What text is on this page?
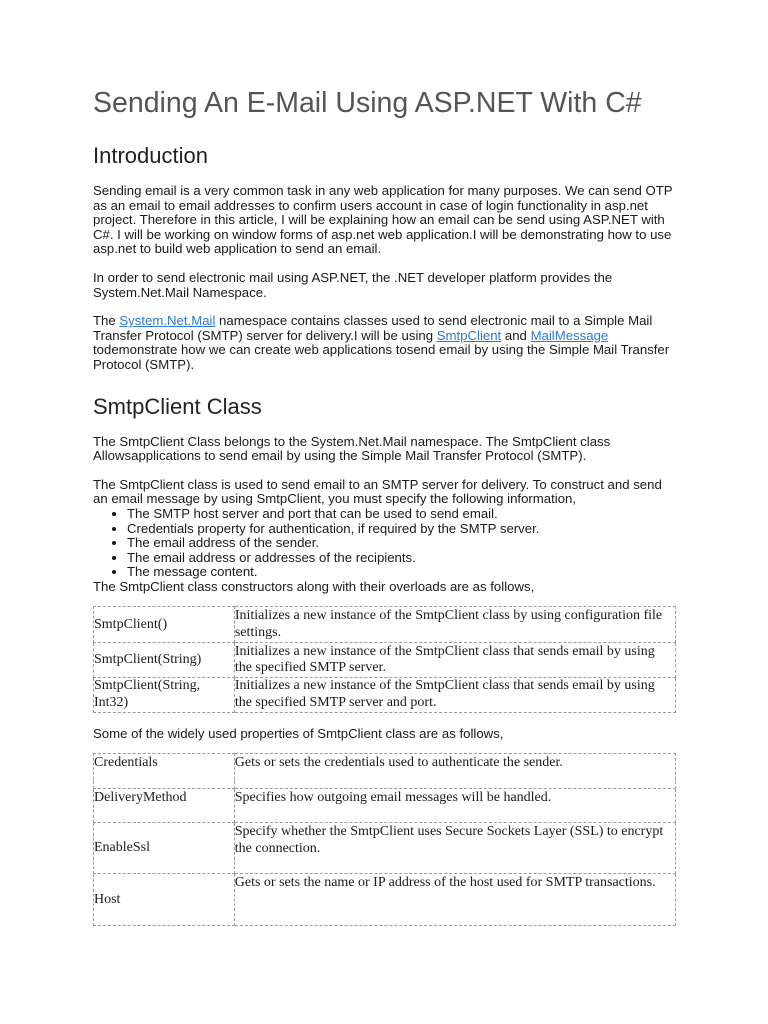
Sending An E-Mail Using ASP.NET With C#
Introduction

Sending email is a very common task in any web application for many purposes. We can send OTP as an email to email addresses to confirm users account in case of login functionality in asp.net project. Therefore in this article, I will be explaining how an email can be send using ASP.NET with C#. I will be working on window forms of asp.net web application.I will be demonstrating how to use asp.net to build web application to send an email.

In order to send electronic mail using ASP.NET, the .NET developer platform provides the System.Net.Mail Namespace.

The System.Net.Mail namespace contains classes used to send electronic mail to a Simple Mail Transfer Protocol (SMTP) server for delivery.I will be using SmtpClient and MailMessage todemonstrate how we can create web applications tosend email by using the Simple Mail Transfer Protocol (SMTP).

SmtpClient Class

The SmtpClient Class belongs to the System.Net.Mail namespace. The SmtpClient class Allowsapplications to send email by using the Simple Mail Transfer Protocol (SMTP).

The SmtpClient class is used to send email to an SMTP server for delivery. To construct and send an email message by using SmtpClient, you must specify the following information,

• The SMTP host server and port that can be used to send email.
• Credentials property for authentication, if required by the SMTP server.
• The email address of the sender.
• The email address or addresses of the recipients.
• The message content.

The SmtpClient class constructors along with their overloads are as follows,

SmtpClient()	Initializes a new instance of the SmtpClient class by using configuration file settings.
SmtpClient(String)	Initializes a new instance of the SmtpClient class that sends email by using the specified SMTP server.
SmtpClient(String, Int32)	Initializes a new instance of the SmtpClient class that sends email by using the specified SMTP server and port.

Some of the widely used properties of SmtpClient class are as follows,

Credentials	Gets or sets the credentials used to authenticate the sender.
DeliveryMethod	Specifies how outgoing email messages will be handled.
EnableSsl	Specify whether the SmtpClient uses Secure Sockets Layer (SSL) to encrypt the connection.
Host	Gets or sets the name or IP address of the host used for SMTP transactions.
